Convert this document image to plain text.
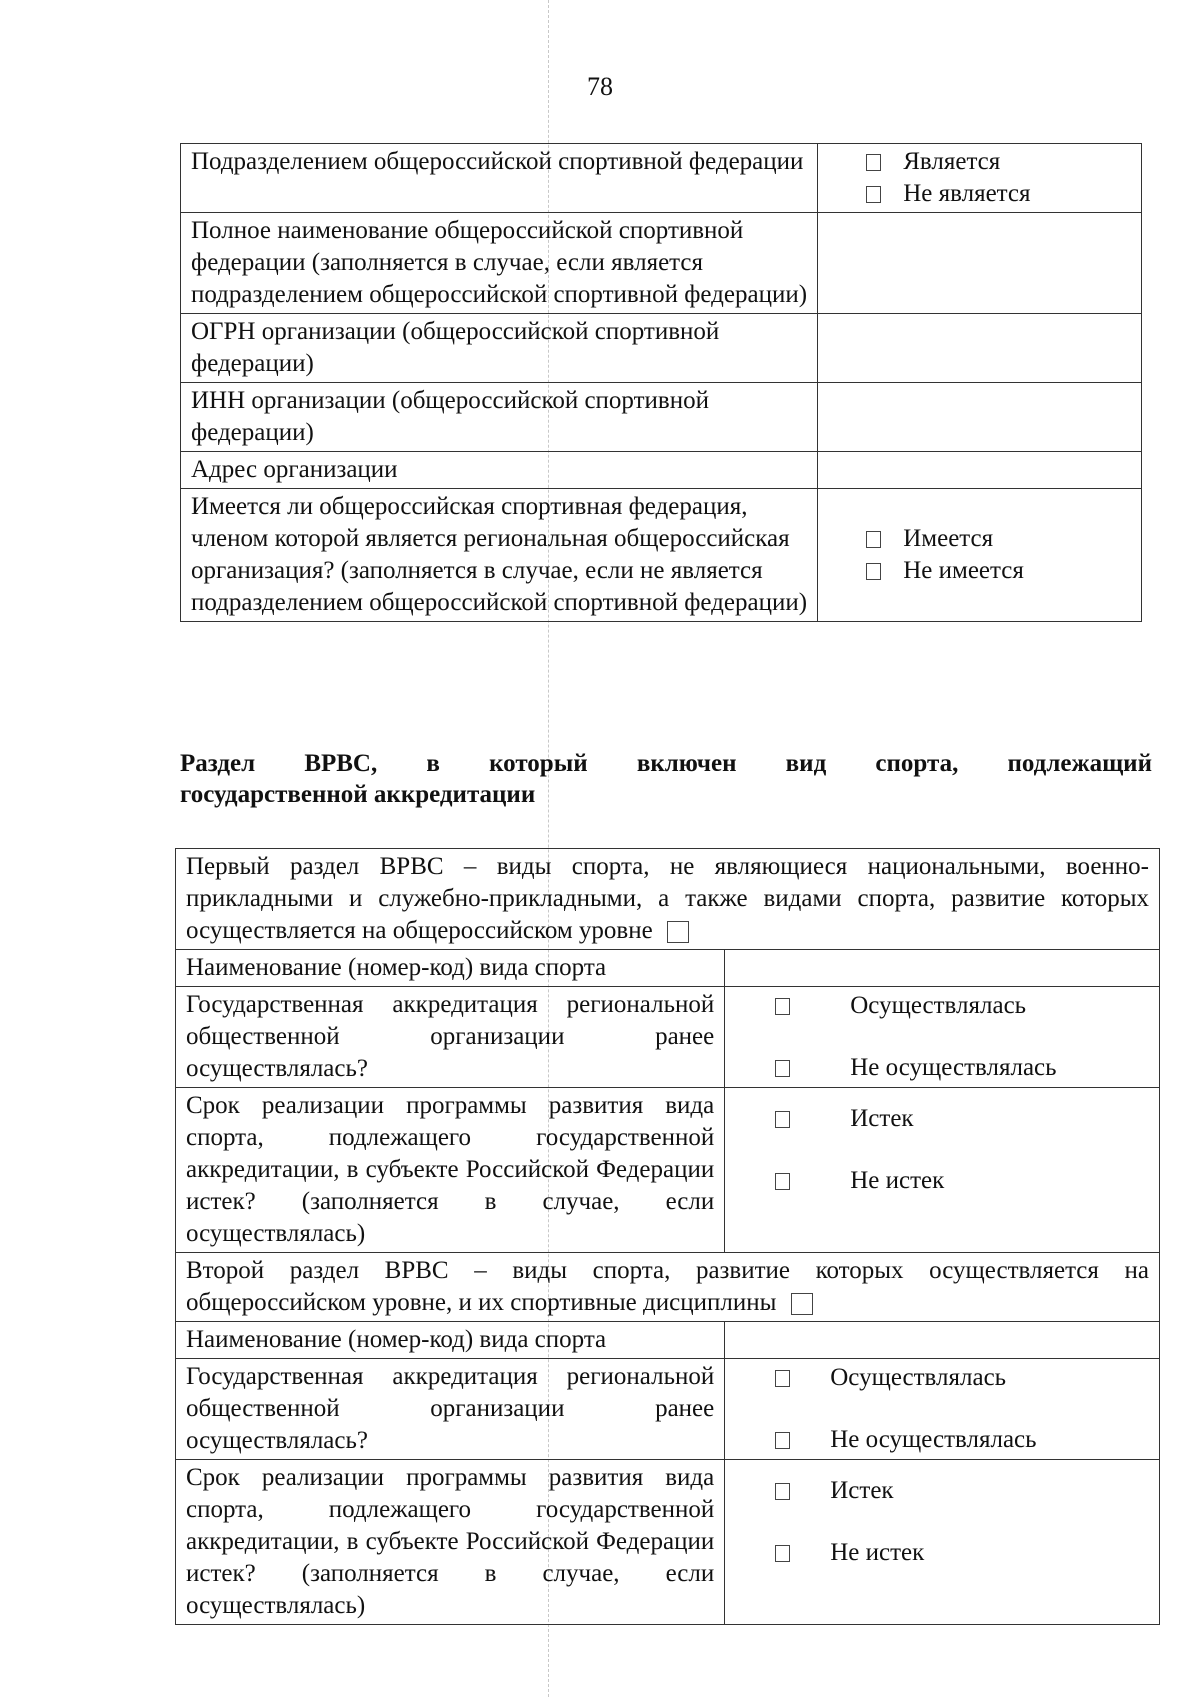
78
Подразделением общероссийской спортивной федерации	Является
Не является

Полное наименование общероссийской спортивной федерации (заполняется в случае, если является подразделением общероссийской спортивной федерации)	
ОГРН организации (общероссийской спортивной федерации)	
ИНН организации (общероссийской спортивной федерации)	
Адрес организации	
Имеется ли общероссийская спортивная федерация, членом которой является региональная общероссийская организация? (заполняется в случае, если не является подразделением общероссийской спортивной федерации)	Имеется
Не имеется
Раздел ВРВС, в который включен вид спорта, подлежащий
государственной аккредитации
Первый раздел ВРВС – виды спорта, не являющиеся национальными, военно-прикладными и служебно-прикладными, а также видами спорта, развитие которых осуществляется на общероссийском уровне	
Наименование (номер-код) вида спорта	
Государственная аккредитация региональной общественной организации ранее осуществлялась?	Осуществлялась
Не осуществлялась

Срок реализации программы развития вида спорта, подлежащего государственной аккредитации, в субъекте Российской Федерации истек? (заполняется в случае, если осуществлялась)	Истек
Не истек

Второй раздел ВРВС – виды спорта, развитие которых осуществляется на общероссийском уровне, и их спортивные дисциплины	
Наименование (номер-код) вида спорта	
Государственная аккредитация региональной общественной организации ранее осуществлялась?	Осуществлялась
Не осуществлялась

Срок реализации программы развития вида спорта, подлежащего государственной аккредитации, в субъекте Российской Федерации истек? (заполняется в случае, если осуществлялась)	Истек
Не истек
